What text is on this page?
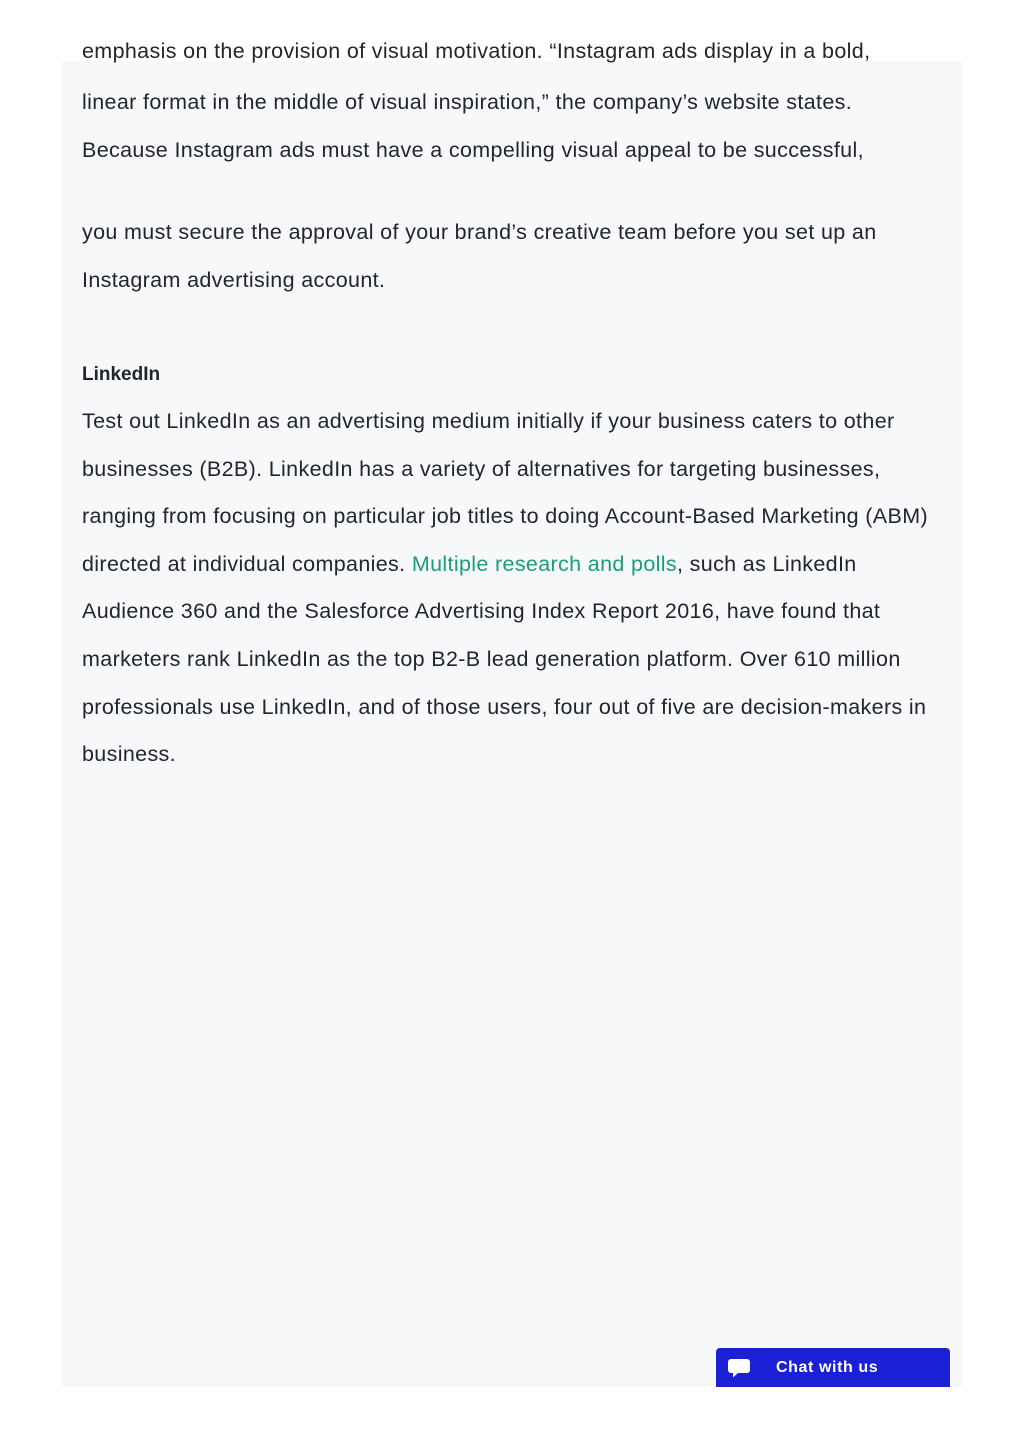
emphasis on the provision of visual motivation. “Instagram ads display in a bold,

linear format in the middle of visual inspiration,” the company’s website states. Because Instagram ads must have a compelling visual appeal to be successful,

you must secure the approval of your brand’s creative team before you set up an Instagram advertising account.

LinkedIn

Test out LinkedIn as an advertising medium initially if your business caters to other businesses (B2B). LinkedIn has a variety of alternatives for targeting businesses, ranging from focusing on particular job titles to doing Account-Based Marketing (ABM) directed at individual companies. Multiple research and polls, such as LinkedIn Audience 360 and the Salesforce Advertising Index Report 2016, have found that marketers rank LinkedIn as the top B2-B lead generation platform. Over 610 million professionals use LinkedIn, and of those users, four out of five are decision-makers in business.

Chat with us
